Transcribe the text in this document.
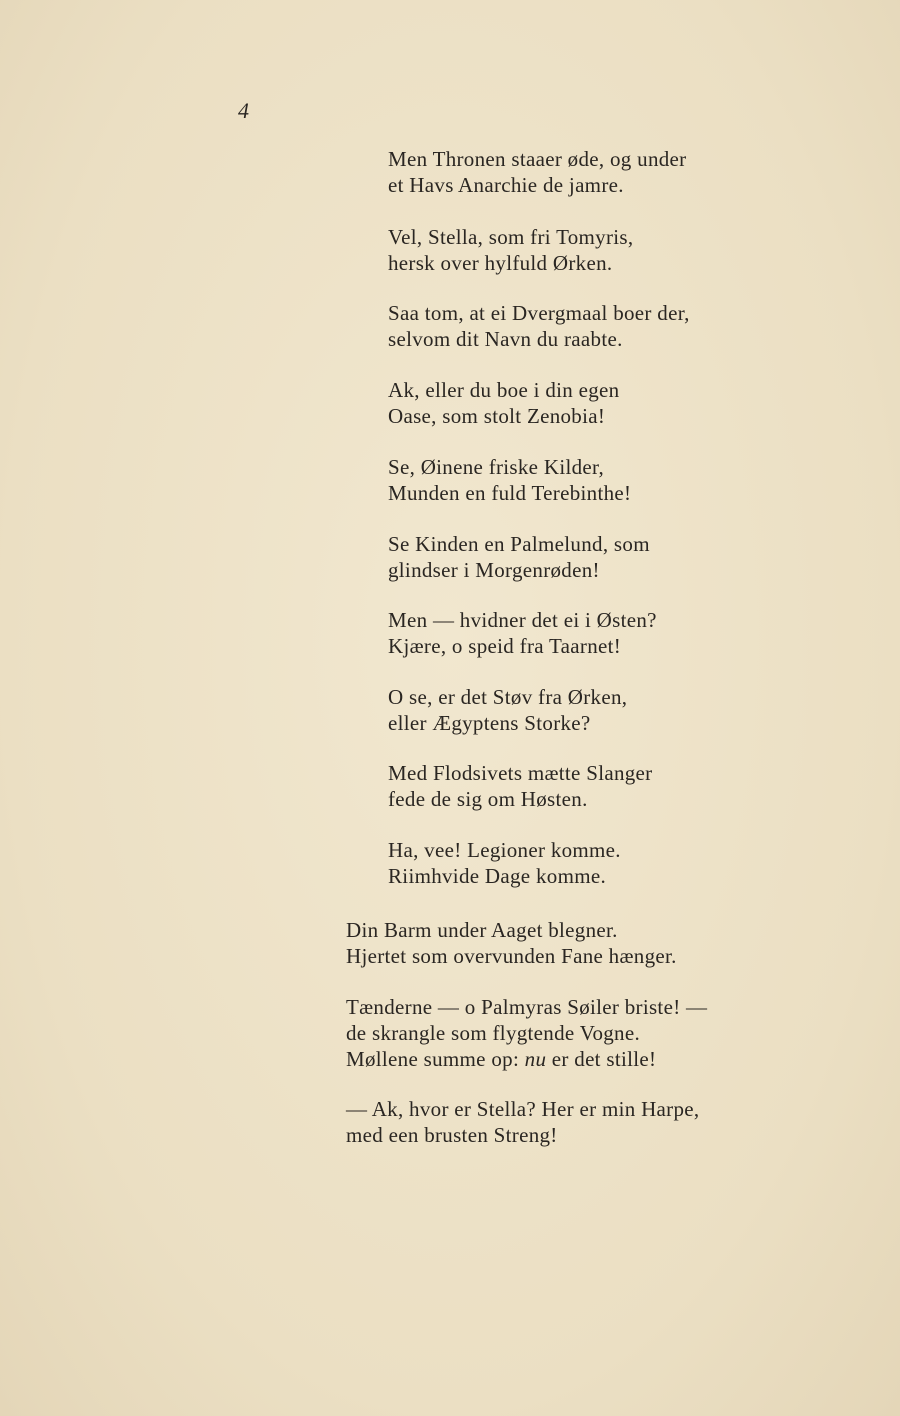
4
Men Thronen staaer øde, og under
et Havs Anarchie de jamre.
Vel, Stella, som fri Tomyris,
hersk over hylfuld Ørken.
Saa tom, at ei Dvergmaal boer der,
selvom dit Navn du raabte.
Ak, eller du boe i din egen
Oase, som stolt Zenobia!
Se, Øinene friske Kilder,
Munden en fuld Terebinthe!
Se Kinden en Palmelund, som
glindser i Morgenrøden!
Men — hvidner det ei i Østen?
Kjære, o speid fra Taarnet!
O se, er det Støv fra Ørken,
eller Ægyptens Storke?
Med Flodsivets mætte Slanger
fede de sig om Høsten.
Ha, vee! Legioner komme.
Riimhvide Dage komme.
Din Barm under Aaget blegner.
Hjertet som overvunden Fane hænger.
Tænderne — o Palmyras Søiler briste! —
de skrangle som flygtende Vogne.
Møllene summe op: nu er det stille!
— Ak, hvor er Stella? Her er min Harpe,
med een brusten Streng!
